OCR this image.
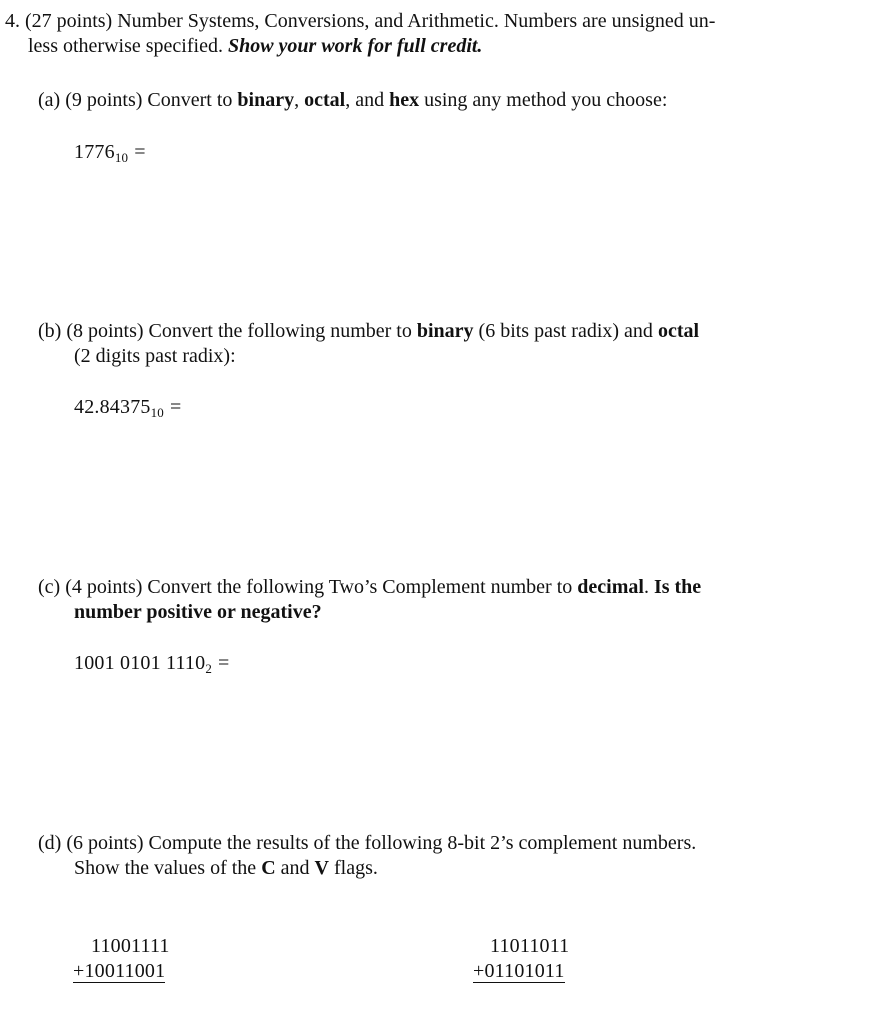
4. (27 points) Number Systems, Conversions, and Arithmetic. Numbers are unsigned un-
less otherwise specified. Show your work for full credit.
(a) (9 points) Convert to binary, octal, and hex using any method you choose:
$1776_{10}$ =
(b) (8 points) Convert the following number to binary (6 bits past radix) and octal
(2 digits past radix):
$42.84375_{10}$ =
(c) (4 points) Convert the following Two’s Complement number to decimal. Is the
number positive or negative?
1001 0101 $1110_2$ =
(d) (6 points) Compute the results of the following 8-bit 2’s complement numbers.
Show the values of the C and V flags.
11001111
+10011001
11011011
+01101011
